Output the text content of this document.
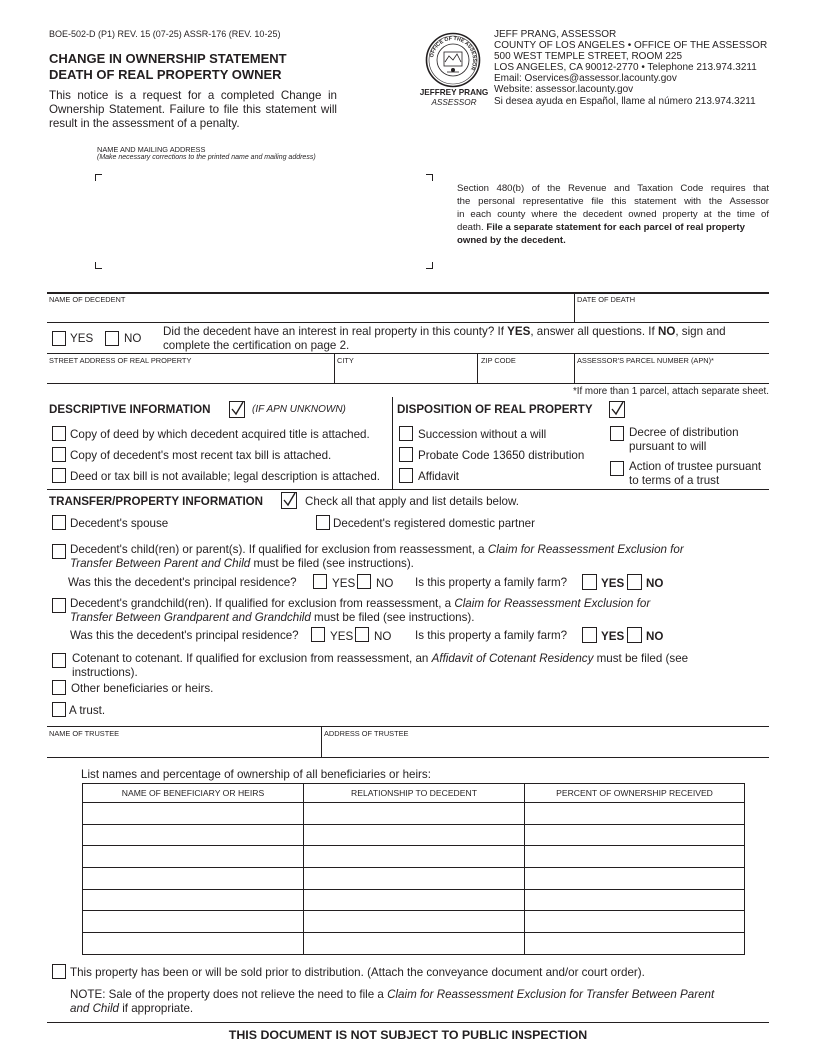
BOE-502-D (P1) REV. 15 (07-25) ASSR-176 (REV. 10-25)
CHANGE IN OWNERSHIP STATEMENT
DEATH OF REAL PROPERTY OWNER
This notice is a request for a completed Change in
Ownership Statement. Failure to file this statement will
result in the assessment of a penalty.
OFFICE OF THE ASSESSOR
JEFFREY PRANG
ASSESSOR
JEFF PRANG, ASSESSOR
COUNTY OF LOS ANGELES • OFFICE OF THE ASSESSOR
500 WEST TEMPLE STREET, ROOM 225
LOS ANGELES, CA 90012-2770 • Telephone 213.974.3211
Email: Oservices@assessor.lacounty.gov
Website: assessor.lacounty.gov
Si desea ayuda en Español, llame al número 213.974.3211
NAME AND MAILING ADDRESS
(Make necessary corrections to the printed name and mailing address)
Section 480(b) of the Revenue and Taxation Code requires that
the personal representative file this statement with the Assessor
in each county where the decedent owned property at the time of
death. File a separate statement for each parcel of real property
owned by the decedent.
NAME OF DECEDENT	DATE OF DEATH
YES	NO
Did the decedent have an interest in real property in this county? If YES, answer all questions. If NO, sign and
complete the certification on page 2.
STREET ADDRESS OF REAL PROPERTY	CITY	ZIP CODE	ASSESSOR'S PARCEL NUMBER (APN)*
*If more than 1 parcel, attach separate sheet.
DESCRIPTIVE INFORMATION	(IF APN UNKNOWN)	DISPOSITION OF REAL PROPERTY
Copy of deed by which decedent acquired title is attached.
Copy of decedent's most recent tax bill is attached.
Deed or tax bill is not available; legal description is attached.
Succession without a will
Probate Code 13650 distribution
Affidavit
Decree of distribution
pursuant to will
Action of trustee pursuant
to terms of a trust
TRANSFER/PROPERTY INFORMATION	Check all that apply and list details below.
Decedent's spouse	Decedent's registered domestic partner
Decedent's child(ren) or parent(s). If qualified for exclusion from reassessment, a Claim for Reassessment Exclusion for
Transfer Between Parent and Child must be filed (see instructions).
Was this the decedent's principal residence?	YES NO Is this property a family farm?	YES NO
Decedent's grandchild(ren). If qualified for exclusion from reassessment, a Claim for Reassessment Exclusion for
Transfer Between Grandparent and Grandchild must be filed (see instructions).
Was this the decedent's principal residence?	YES NO Is this property a family farm?	YES NO
Cotenant to cotenant. If qualified for exclusion from reassessment, an Affidavit of Cotenant Residency must be filed (see
instructions).
Other beneficiaries or heirs.
A trust.
NAME OF TRUSTEE	ADDRESS OF TRUSTEE
List names and percentage of ownership of all beneficiaries or heirs:
NAME OF BENEFICIARY OR HEIRS	RELATIONSHIP TO DECEDENT	PERCENT OF OWNERSHIP RECEIVED

This property has been or will be sold prior to distribution. (Attach the conveyance document and/or court order).
NOTE: Sale of the property does not relieve the need to file a Claim for Reassessment Exclusion for Transfer Between Parent
and Child if appropriate.
THIS DOCUMENT IS NOT SUBJECT TO PUBLIC INSPECTION
